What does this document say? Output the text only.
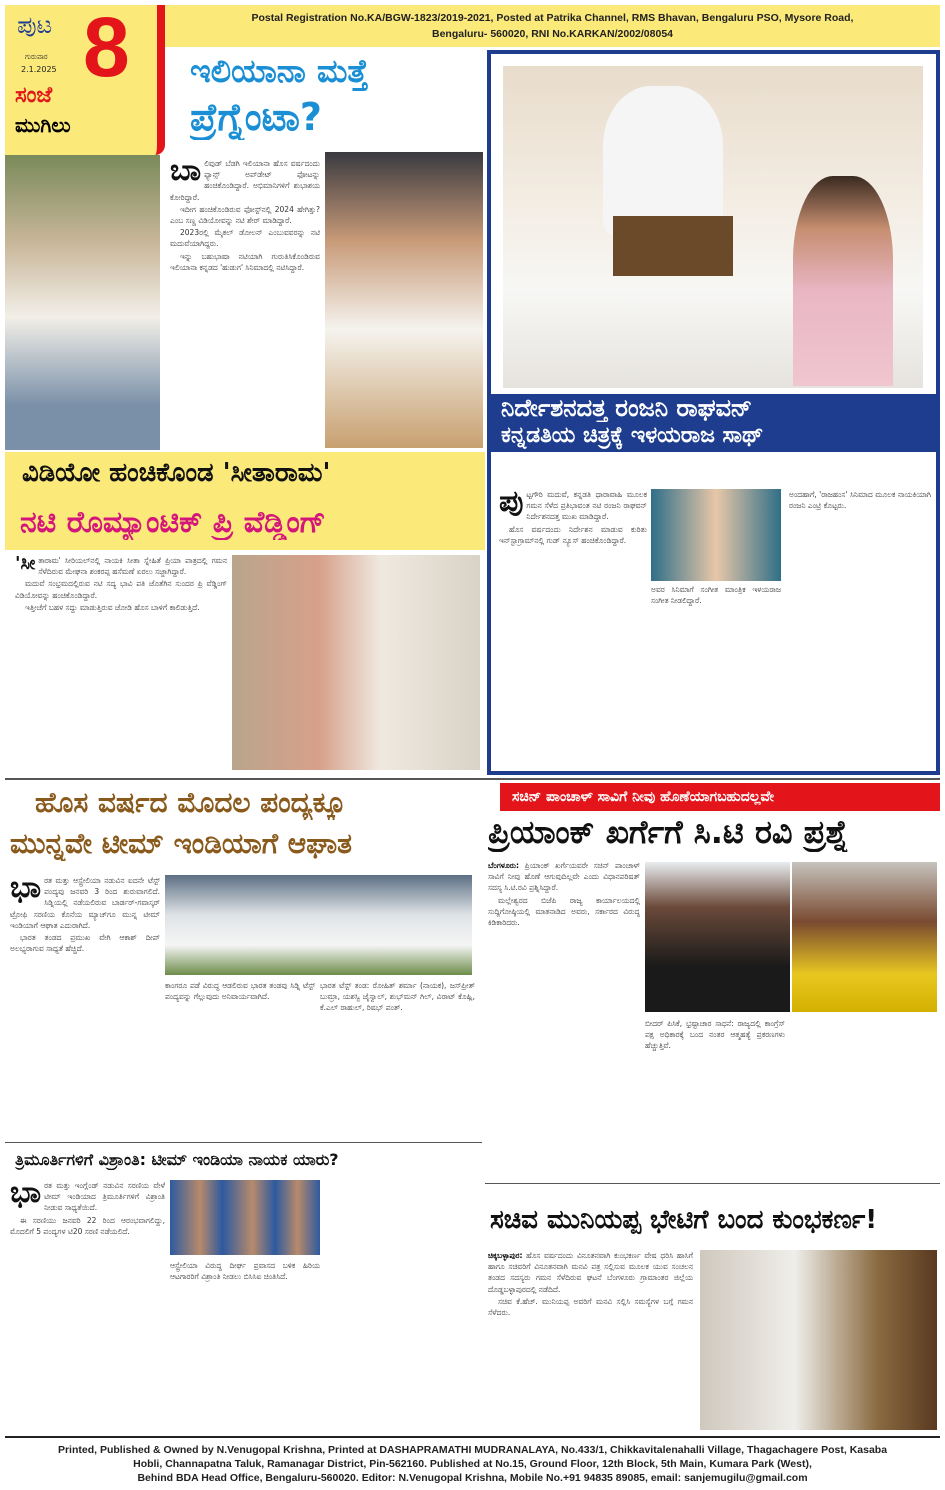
ಪುಟ
ಗುರುವಾರ
2.1.2025 8
ಸಂಜೆ
ಮುಗಿಲು
Postal Registration No.KA/BGW-1823/2019-2021, Posted at Patrika Channel, RMS Bhavan, Bengaluru PSO, Mysore Road,
Bengaluru- 560020, RNI No.KARKAN/2002/08054
ಇಲಿಯಾನಾ ಮತ್ತೆ
ಪ್ರೆಗ್ನೆಂಟಾ?

ಬಾಲಿವುಡ್ ಬೆಡಗಿ ಇಲಿಯಾನಾ ಹೊಸ ವರ್ಷದಂದು ಫ್ಯಾನ್ಸ್ ಅಪ್‌ಡೇಟ್ ಫೋಟನ್ನು ಹಂಚಿಕೊಂಡಿದ್ದಾರೆ. ಅಭಿಮಾನಿಗಳಿಗೆ ಶುಭಾಶಯ ಕೋರಿದ್ದಾರೆ.

ಇದೀಗ ಹಂಚಿಕೊಂಡಿರುವ ಫೋಸ್ಟ್‌ನಲ್ಲಿ 2024 ಹೇಗಿತ್ತು? ಎಂಬ ಸಣ್ಣ ವಿಡಿಯೋವನ್ನು ನಟಿ ಶೇರ್ ಮಾಡಿದ್ದಾರೆ.

2023ರಲ್ಲಿ ಮೈಕಲ್ ಡೋಲನ್ ಎಂಬುವವರನ್ನು ನಟಿ ಮದುವೆಯಾಗಿದ್ದರು.

ಇನ್ನು ಬಹುಭಾಷಾ ನಟಿಯಾಗಿ ಗುರುತಿಸಿಕೊಂಡಿರುವ ಇಲಿಯಾನಾ ಕನ್ನಡದ 'ಹುಡುಗ' ಸಿನಿಮಾದಲ್ಲಿ ನಟಿಸಿದ್ದಾರೆ.

ನಿರ್ದೇಶನದತ್ತ ರಂಜನಿ ರಾಘವನ್
ಕನ್ನಡತಿಯ ಚಿತ್ರಕ್ಕೆ ಇಳಯರಾಜ ಸಾಥ್

ಪುಟ್ಟಗೌರಿ ಮದುವೆ, ಕನ್ನಡತಿ ಧಾರಾವಾಹಿ ಮೂಲಕ ಗಮನ ಸೆಳೆದ ಪ್ರತಿಭಾವಂತ ನಟಿ ರಂಜನಿ ರಾಘವನ್ ನಿರ್ದೇಶನದತ್ತ ಮುಖ ಮಾಡಿದ್ದಾರೆ.

ಹೊಸ ವರ್ಷದಂದು ನಿರ್ದೇಶನ ಮಾಡುವ ಕುರಿತು ಇನ್‌ಸ್ಟಾಗ್ರಾಮ್‌ನಲ್ಲಿ ಗುಡ್ ನ್ಯೂಸ್ ಹಂಚಿಕೊಂಡಿದ್ದಾರೆ.

ಅವರ ಸಿನಿಮಾಗೆ ಸಂಗೀತ ಮಾಂತ್ರಿಕ ಇಳಯರಾಜ ಸಂಗೀತ ನೀಡಲಿದ್ದಾರೆ.

ಅಂದಹಾಗೆ, 'ರಾಜಹಂಸ' ಸಿನಿಮಾದ ಮೂಲಕ ನಾಯಕಿಯಾಗಿ ರಂಜನಿ ಎಂಟ್ರಿ ಕೊಟ್ಟರು.

ವಿಡಿಯೋ ಹಂಚಿಕೊಂಡ 'ಸೀತಾರಾಮ'
ನಟಿ ರೊಮ್ಯಾಂಟಿಕ್ ಪ್ರಿ ವೆಡ್ಡಿಂಗ್

'ಸೀತಾರಾಮ' ಸೀರಿಯಲ್‌ನಲ್ಲಿ ನಾಯಕಿ ಸೀತಾ ಸ್ನೇಹಿತೆ ಪ್ರಿಯಾ ಪಾತ್ರದಲ್ಲಿ ಗಮನ ಸೆಳೆದಿರುವ ಮೇಘನಾ ಶಂಕರಪ್ಪ ಹಸೆಮಣೆ ಏರಲು ಸಜ್ಜಾಗಿದ್ದಾರೆ.

ಮದುವೆ ಸಂಭ್ರಮದಲ್ಲಿರುವ ನಟಿ ಸದ್ಯ ಭಾವಿ ಪತಿ ಜೊತೆಗಿನ ಸುಂದರ ಪ್ರಿ ವೆಡ್ಡಿಂಗ್ ವಿಡಿಯೋವನ್ನು ಹಂಚಿಕೊಂಡಿದ್ದಾರೆ.

ಇತ್ತೀಚೆಗೆ ಬಹಳ ಸದ್ದು ಮಾಡುತ್ತಿರುವ ಜೋಡಿ ಹೊಸ ಬಾಳಿಗೆ ಕಾಲಿಡುತ್ತಿದೆ.

ಹೊಸ ವರ್ಷದ ಮೊದಲ ಪಂದ್ಯಕ್ಕೂ
ಮುನ್ನವೇ ಟೀಮ್ ಇಂಡಿಯಾಗೆ ಆಘಾತ

ಭಾರತ ಮತ್ತು ಆಸ್ಟ್ರೇಲಿಯಾ ನಡುವಿನ ಐದನೇ ಟೆಸ್ಟ್ ಪಂದ್ಯವು ಜನವರಿ 3 ರಿಂದ ಶುರುವಾಗಲಿದೆ. ಸಿಡ್ನಿಯಲ್ಲಿ ನಡೆಯಲಿರುವ ಬಾರ್ಡರ್-ಗವಾಸ್ಕರ್ ಟ್ರೋಫಿ ಸರಣಿಯ ಕೊನೆಯ ಮ್ಯಾಚ್‌ಗೂ ಮುನ್ನ ಟೀಮ್ ಇಂಡಿಯಾಗೆ ಆಘಾತ ಎದುರಾಗಿದೆ.

ಭಾರತ ತಂಡದ ಪ್ರಮುಖ ವೇಗಿ ಆಕಾಶ್ ದೀಪ್ ಅಲಭ್ಯರಾಗುವ ಸಾಧ್ಯತೆ ಹೆಚ್ಚಿದೆ.

ಕಾಂಗರೂ ಪಡೆ ವಿರುದ್ಧ ಆಡಲಿರುವ ಭಾರತ ತಂಡವು ಸಿಡ್ನಿ ಟೆಸ್ಟ್ ಪಂದ್ಯವನ್ನು ಗೆಲ್ಲುವುದು ಅನಿವಾರ್ಯವಾಗಿದೆ.

ಭಾರತ ಟೆಸ್ಟ್ ತಂಡ: ರೋಹಿತ್ ಶರ್ಮಾ (ನಾಯಕ), ಜಸ್‌ಪ್ರೀತ್ ಬುಮ್ರಾ, ಯಶಸ್ವಿ ಜೈಸ್ವಾಲ್, ಶುಭ್‌ಮನ್ ಗಿಲ್, ವಿರಾಟ್ ಕೊಹ್ಲಿ, ಕೆ.ಎಲ್ ರಾಹುಲ್, ರಿಷಭ್ ಪಂತ್.

ಸಚಿನ್ ಪಾಂಚಾಳ್ ಸಾವಿಗೆ ನೀವು ಹೊಣೆಯಾಗಬಹುದಲ್ಲವೇ
ಪ್ರಿಯಾಂಕ್ ಖರ್ಗೆಗೆ ಸಿ.ಟಿ ರವಿ ಪ್ರಶ್ನೆ

ಬೆಂಗಳೂರು: ಪ್ರಿಯಾಂಕ್ ಖರ್ಗೆಯವರೇ ಸಚಿನ್ ಪಾಂಚಾಳ್ ಸಾವಿಗೆ ನೀವು ಹೊಣೆ ಆಗುವುದಿಲ್ಲವೇ ಎಂದು ವಿಧಾನಪರಿಷತ್ ಸದಸ್ಯ ಸಿ.ಟಿ.ರವಿ ಪ್ರಶ್ನಿಸಿದ್ದಾರೆ.

ಮಲ್ಲೇಶ್ವರದ ಬಿಜೆಪಿ ರಾಜ್ಯ ಕಾರ್ಯಾಲಯದಲ್ಲಿ ಸುದ್ದಿಗೋಷ್ಠಿಯಲ್ಲಿ ಮಾತನಾಡಿದ ಅವರು, ಸರ್ಕಾರದ ವಿರುದ್ಧ ಕಿಡಿಕಾರಿದರು.

ಬೀದರ್ ಪಿಸಿಕೆ, ಭ್ರಷ್ಟಾಚಾರ ಸಾಧನೆ: ರಾಜ್ಯದಲ್ಲಿ ಕಾಂಗ್ರೆಸ್ ಪಕ್ಷ ಅಧಿಕಾರಕ್ಕೆ ಬಂದ ನಂತರ ಆತ್ಮಹತ್ಯೆ ಪ್ರಕರಣಗಳು ಹೆಚ್ಚುತ್ತಿವೆ.

ತ್ರಿಮೂರ್ತಿಗಳಿಗೆ ವಿಶ್ರಾಂತಿ: ಟೀಮ್ ಇಂಡಿಯಾ ನಾಯಕ ಯಾರು?

ಭಾರತ ಮತ್ತು ಇಂಗ್ಲೆಂಡ್ ನಡುವಿನ ಸರಣಿಯ ವೇಳೆ ಟೀಮ್ ಇಂಡಿಯಾದ ತ್ರಿಮೂರ್ತಿಗಳಿಗೆ ವಿಶ್ರಾಂತಿ ನೀಡುವ ಸಾಧ್ಯತೆಯಿದೆ.

ಈ ಸರಣಿಯು ಜನವರಿ 22 ರಿಂದ ಆರಂಭವಾಗಲಿದ್ದು, ಮೊದಲಿಗೆ 5 ಪಂದ್ಯಗಳ ಟಿ20 ಸರಣಿ ನಡೆಯಲಿದೆ.

ಆಸ್ಟ್ರೇಲಿಯಾ ವಿರುದ್ಧ ದೀರ್ಘ ಪ್ರವಾಸದ ಬಳಿಕ ಹಿರಿಯ ಆಟಗಾರರಿಗೆ ವಿಶ್ರಾಂತಿ ನೀಡಲು ಬಿಸಿಸಿಐ ಚಿಂತಿಸಿದೆ.

ಸಚಿವ ಮುನಿಯಪ್ಪ ಭೇಟಿಗೆ ಬಂದ ಕುಂಭಕರ್ಣ!

ಚಿಕ್ಕಬಳ್ಳಾಪುರ: ಹೊಸ ವರ್ಷದಂದು ವಿನೂತನವಾಗಿ ಕುಂಭಕರ್ಣ ವೇಷ ಧರಿಸಿ ಹಾಸಿಗೆ ಹಾಗೂ ಸಚಿವರಿಗೆ ವಿನೂತನವಾಗಿ ಮನವಿ ಪತ್ರ ಸಲ್ಲಿಸುವ ಮೂಲಕ ಯುವ ಸಂಚಲನ ತಂಡದ ಸದಸ್ಯರು ಗಮನ ಸೆಳೆದಿರುವ ಘಟನೆ ಬೆಂಗಳೂರು ಗ್ರಾಮಾಂತರ ಜಿಲ್ಲೆಯ ದೊಡ್ಡಬಳ್ಳಾಪುರದಲ್ಲಿ ನಡೆದಿದೆ.

ಸಚಿವ ಕೆ.ಹೆಚ್. ಮುನಿಯಪ್ಪ ಅವರಿಗೆ ಮನವಿ ಸಲ್ಲಿಸಿ ಸಮಸ್ಯೆಗಳ ಬಗ್ಗೆ ಗಮನ ಸೆಳೆದರು.

Printed, Published & Owned by N.Venugopal Krishna, Printed at DASHAPRAMATHI MUDRANALAYA, No.433/1, Chikkavitalenahalli Village, Thagachagere Post, Kasaba
Hobli, Channapatna Taluk, Ramanagar District, Pin-562160. Published at No.15, Ground Floor, 12th Block, 5th Main, Kumara Park (West),
Behind BDA Head Office, Bengaluru-560020. Editor: N.Venugopal Krishna, Mobile No.+91 94835 89085, email: sanjemugilu@gmail.com
